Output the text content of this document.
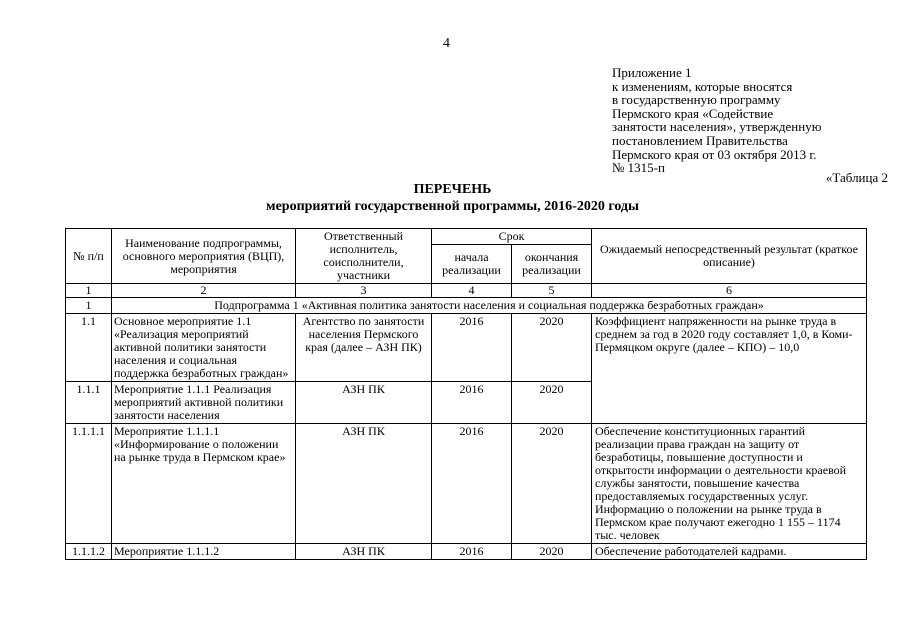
4
Приложение 1
к изменениям, которые вносятся
в государственную программу
Пермского края «Содействие
занятости населения», утвержденную
постановлением Правительства
Пермского края от 03 октября 2013 г.
№ 1315-п
«Таблица 2
ПЕРЕЧЕНЬ
мероприятий государственной программы, 2016-2020 годы
№ п/п	Наименование подпрограммы, основного мероприятия (ВЦП), мероприятия	Ответственный исполнитель, соисполнители, участники	Срок		Ожидаемый непосредственный результат (краткое описание)
			начала реализации	окончания реализации	
1	2	3	4	5	6
1	Подпрограмма 1 «Активная политика занятости населения и социальная поддержка безработных граждан»				
1.1	Основное мероприятие 1.1 «Реализация мероприятий активной политики занятости населения и социальная поддержка безработных граждан»	Агентство по занятости населения Пермского края (далее – АЗН ПК)	2016	2020	Коэффициент напряженности на рынке труда в среднем за год в 2020 году составляет 1,0, в Коми-Пермяцком округе (далее – КПО) – 10,0
1.1.1	Мероприятие 1.1.1 Реализация мероприятий активной политики занятости населения	АЗН ПК	2016	2020	
1.1.1.1	Мероприятие 1.1.1.1 «Информирование о положении на рынке труда в Пермском крае»	АЗН ПК	2016	2020	Обеспечение конституционных гарантий реализации права граждан на защиту от безработицы, повышение доступности и открытости информации о деятельности краевой службы занятости, повышение качества предоставляемых государственных услуг. Информацию о положении на рынке труда в Пермском крае получают ежегодно 1 155 – 1174 тыс. человек
1.1.1.2	Мероприятие 1.1.1.2	АЗН ПК	2016	2020	Обеспечение работодателей кадрами.
